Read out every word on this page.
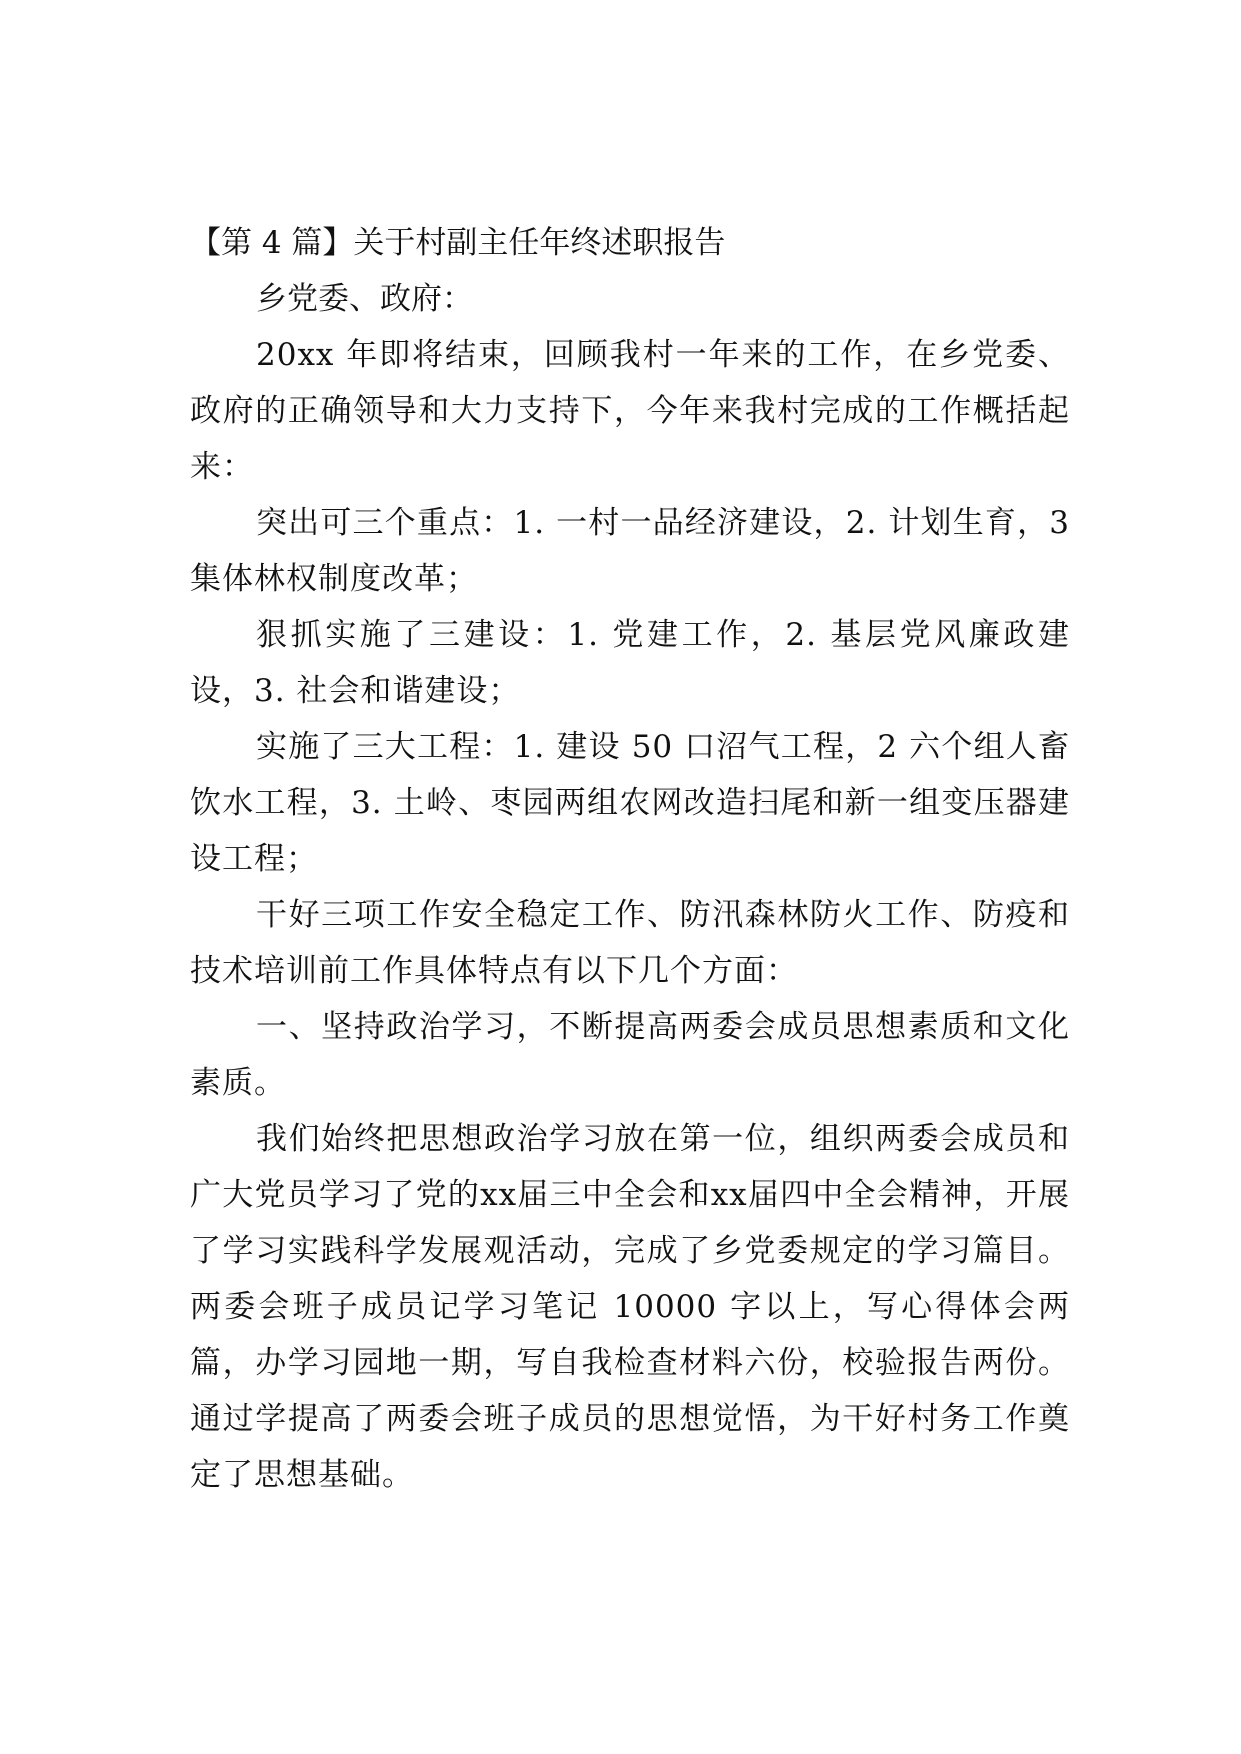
【第 4 篇】关于村副主任年终述职报告

乡党委、政府：

20xx 年即将结束，回顾我村一年来的工作，在乡党委、政府的正确领导和大力支持下，今年来我村完成的工作概括起来：

突出可三个重点：1. 一村一品经济建设，2. 计划生育，3 集体林权制度改革；

狠抓实施了三建设：1. 党建工作，2. 基层党风廉政建设，3. 社会和谐建设；

实施了三大工程：1. 建设 50 口沼气工程，2 六个组人畜饮水工程，3. 土岭、枣园两组农网改造扫尾和新一组变压器建设工程；

干好三项工作安全稳定工作、防汛森林防火工作、防疫和技术培训前工作具体特点有以下几个方面：

一、坚持政治学习，不断提高两委会成员思想素质和文化素质。

我们始终把思想政治学习放在第一位，组织两委会成员和广大党员学习了党的xx届三中全会和xx届四中全会精神，开展了学习实践科学发展观活动，完成了乡党委规定的学习篇目。两委会班子成员记学习笔记 10000 字以上，写心得体会两篇，办学习园地一期，写自我检查材料六份，校验报告两份。通过学提高了两委会班子成员的思想觉悟，为干好村务工作奠定了思想基础。
